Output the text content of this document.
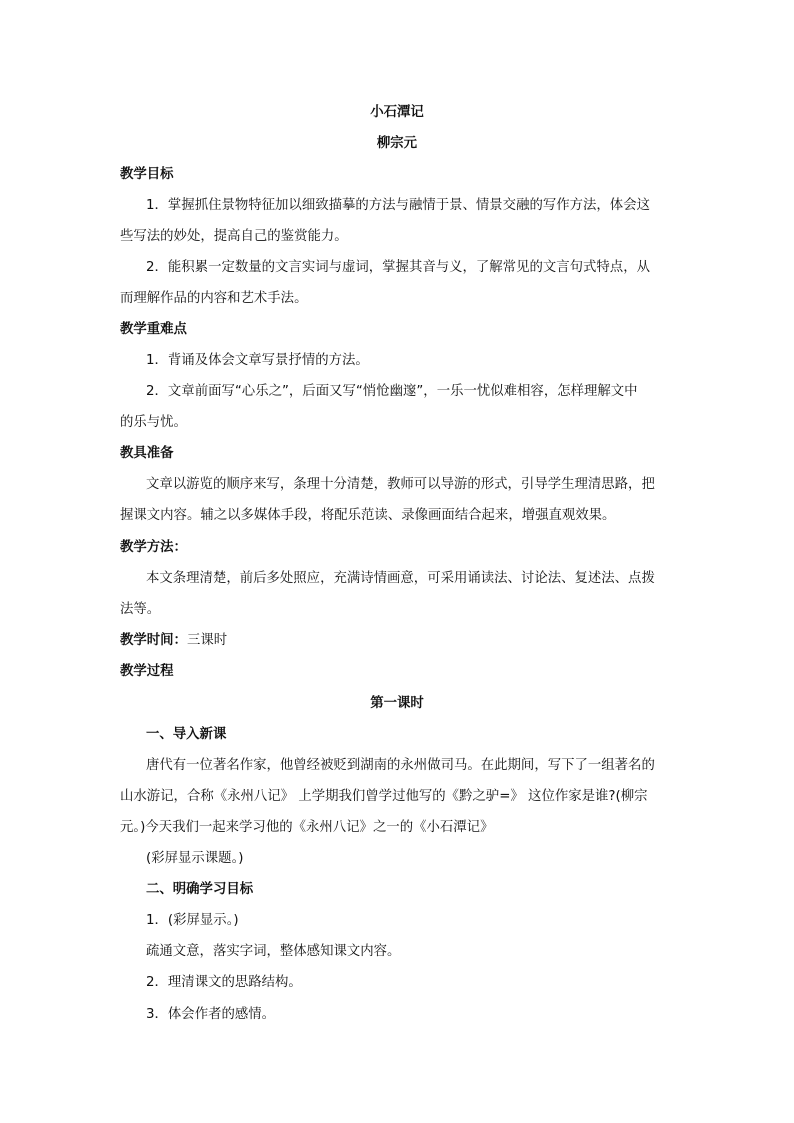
小石潭记
柳宗元
教学目标
1．掌握抓住景物特征加以细致描摹的方法与融情于景、情景交融的写作方法，体会这
些写法的妙处，提高自己的鉴赏能力。
2．能积累一定数量的文言实词与虚词，掌握其音与义，了解常见的文言句式特点，从
而理解作品的内容和艺术手法。
教学重难点
1．背诵及体会文章写景抒情的方法。
2．文章前面写“心乐之”，后面又写“悄怆幽邃”，一乐一忧似难相容，怎样理解文中
的乐与忧。
教具准备
文章以游览的顺序来写，条理十分清楚，教师可以导游的形式，引导学生理清思路，把
握课文内容。辅之以多媒体手段，将配乐范读、录像画面结合起来，增强直观效果。
教学方法：
本文条理清楚，前后多处照应，充满诗情画意，可采用诵读法、讨论法、复述法、点拨
法等。
教学时间：三课时
教学过程
第一课时
一、导入新课
唐代有一位著名作家，他曾经被贬到湖南的永州做司马。在此期间，写下了一组著名的
山水游记，合称《永州八记》 上学期我们曾学过他写的《黔之驴=》 这位作家是谁?(柳宗
元。)今天我们一起来学习他的《永州八记》之一的《小石潭记》
(彩屏显示课题。)
二、明确学习目标
1．(彩屏显示。)
疏通文意，落实字词，整体感知课文内容。
2．理清课文的思路结构。
3．体会作者的感情。
